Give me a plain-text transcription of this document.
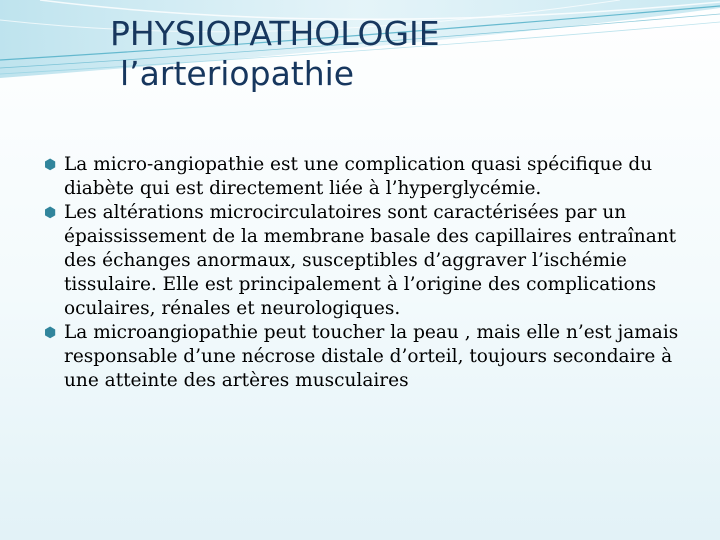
PHYSIOPATHOLOGIE
l’arteriopathie

⬢ La micro-angiopathie est une complication quasi spécifique du diabète qui est directement liée à l’hyperglycémie.

⬢ Les altérations microcirculatoires sont caractérisées par un épaississement de la membrane basale des capillaires entraînant des échanges anormaux, susceptibles d’aggraver l’ischémie tissulaire. Elle est principalement à l’origine des complications oculaires, rénales et neurologiques.

⬢ La microangiopathie peut toucher la peau , mais elle n’est jamais responsable d’une nécrose distale d’orteil, toujours secondaire à une atteinte des artères musculaires
